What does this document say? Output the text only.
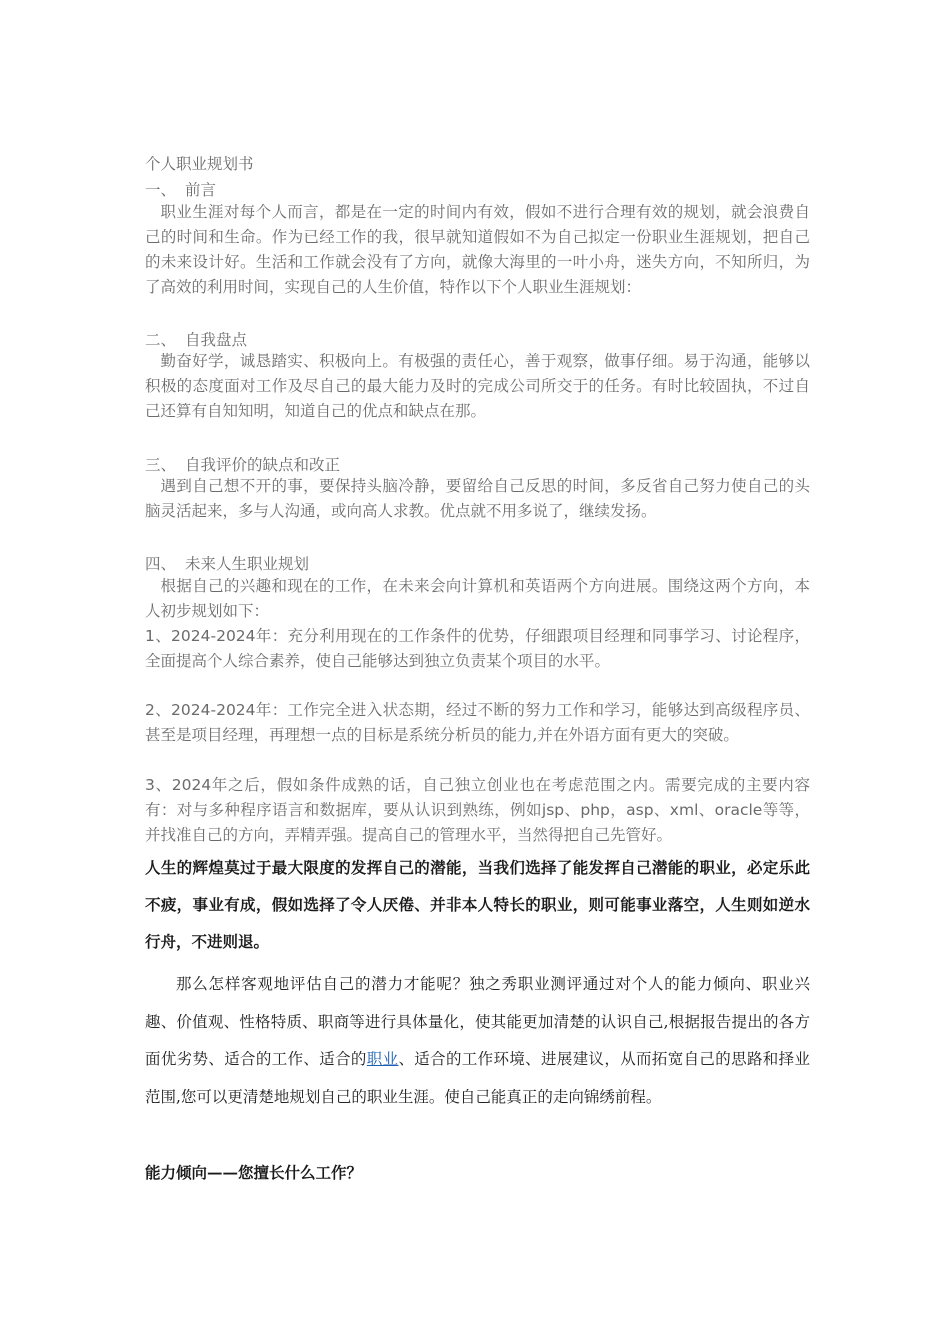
个人职业规划书

一、 前言

职业生涯对每个人而言，都是在一定的时间内有效，假如不进行合理有效的规划，就会浪费自己的时间和生命。作为已经工作的我，很早就知道假如不为自己拟定一份职业生涯规划，把自己的未来设计好。生活和工作就会没有了方向，就像大海里的一叶小舟，迷失方向，不知所归，为了高效的利用时间，实现自己的人生价值，特作以下个人职业生涯规划：

二、 自我盘点

勤奋好学，诚恳踏实、积极向上。有极强的责任心，善于观察，做事仔细。易于沟通，能够以积极的态度面对工作及尽自己的最大能力及时的完成公司所交于的任务。有时比较固执，不过自己还算有自知知明，知道自己的优点和缺点在那。

三、 自我评价的缺点和改正

遇到自己想不开的事，要保持头脑冷静，要留给自己反思的时间，多反省自己努力使自己的头脑灵活起来，多与人沟通，或向高人求教。优点就不用多说了，继续发扬。

四、 未来人生职业规划

根据自己的兴趣和现在的工作，在未来会向计算机和英语两个方向进展。围绕这两个方向，本人初步规划如下：

1、2024-2024年：充分利用现在的工作条件的优势，仔细跟项目经理和同事学习、讨论程序，全面提高个人综合素养，使自己能够达到独立负责某个项目的水平。

2、2024-2024年：工作完全进入状态期，经过不断的努力工作和学习，能够达到高级程序员、甚至是项目经理，再理想一点的目标是系统分析员的能力,并在外语方面有更大的突破。

3、2024年之后，假如条件成熟的话，自己独立创业也在考虑范围之内。需要完成的主要内容有：对与多种程序语言和数据库，要从认识到熟练，例如jsp、php，asp、xml、oracle等等，并找准自己的方向，弄精弄强。提高自己的管理水平，当然得把自己先管好。

人生的辉煌莫过于最大限度的发挥自己的潜能，当我们选择了能发挥自己潜能的职业，必定乐此不疲，事业有成，假如选择了令人厌倦、并非本人特长的职业，则可能事业落空，人生则如逆水行舟，不进则退。

那么怎样客观地评估自己的潜力才能呢？独之秀职业测评通过对个人的能力倾向、职业兴趣、价值观、性格特质、职商等进行具体量化，使其能更加清楚的认识自己,根据报告提出的各方面优劣势、适合的工作、适合的职业、适合的工作环境、进展建议，从而拓宽自己的思路和择业范围,您可以更清楚地规划自己的职业生涯。使自己能真正的走向锦绣前程。

能力倾向——您擅长什么工作？
